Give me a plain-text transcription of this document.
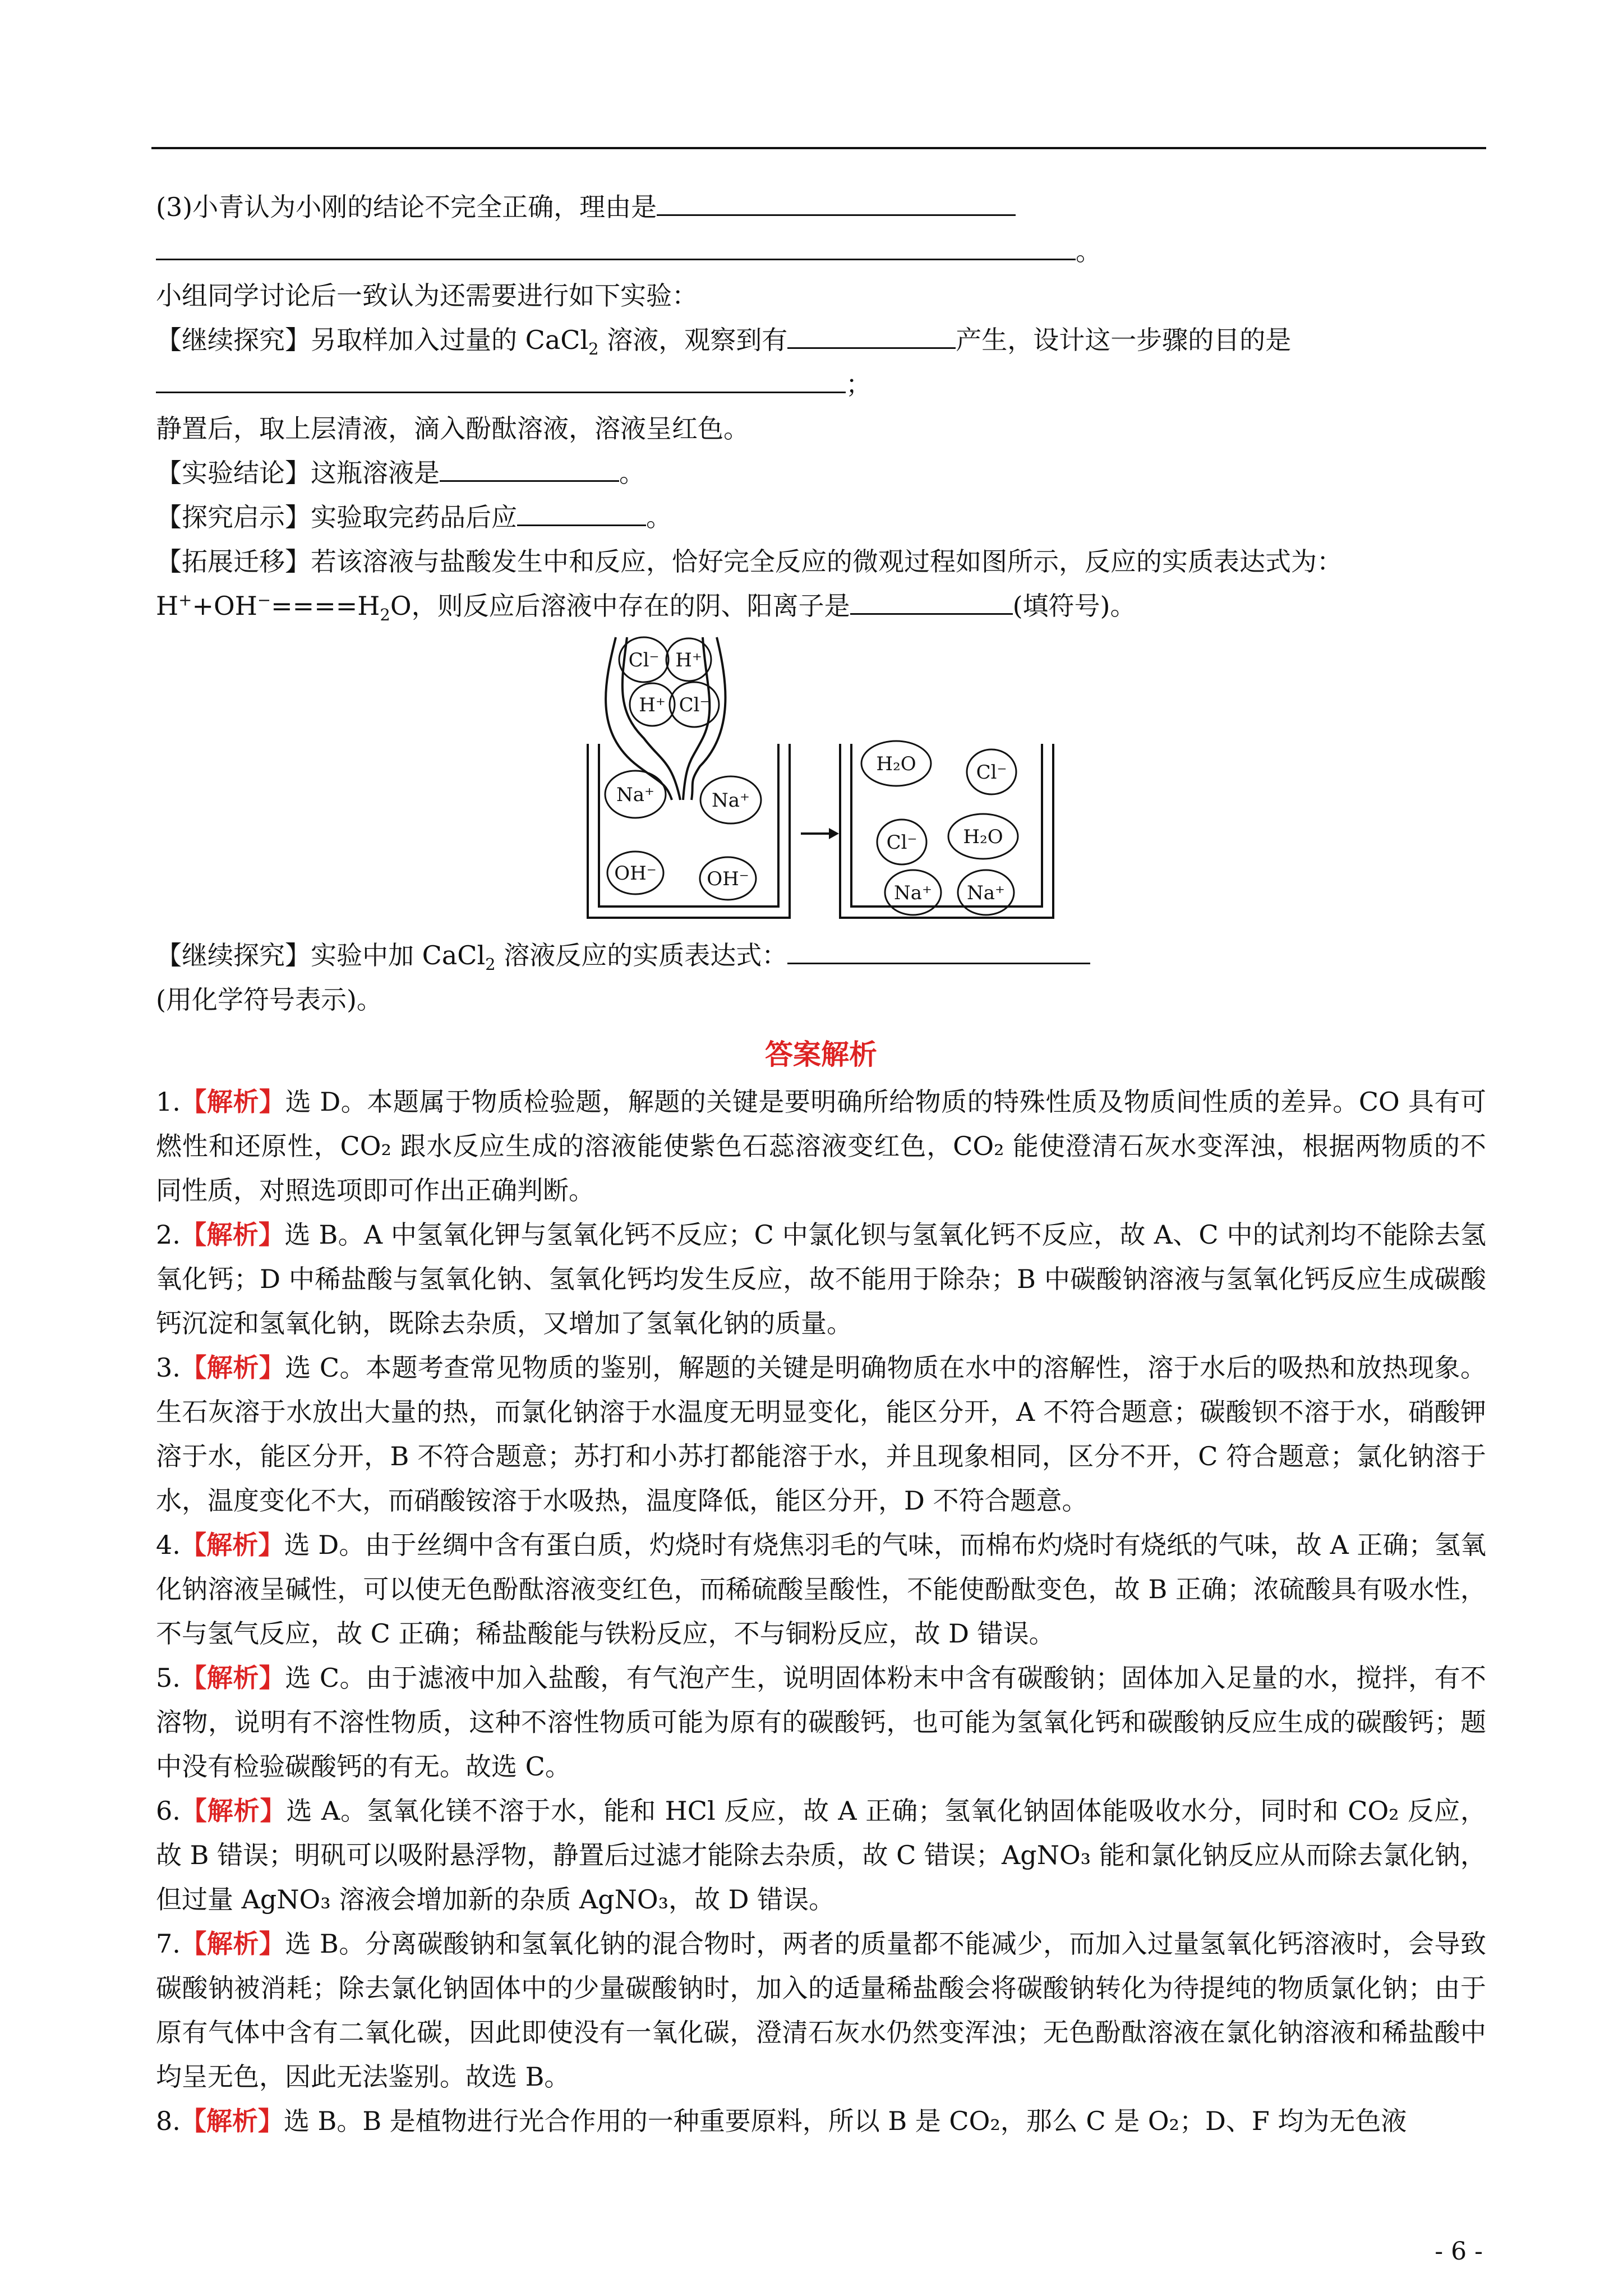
(3)小青认为小刚的结论不完全正确，理由是
。
小组同学讨论后一致认为还需要进行如下实验：
【继续探究】另取样加入过量的 CaCl$_2$ 溶液，观察到有	产生，设计这一步骤的目的是
；
静置后，取上层清液，滴入酚酞溶液，溶液呈红色。
【实验结论】这瓶溶液是	。
【探究启示】实验取完药品后应	。
【拓展迁移】若该溶液与盐酸发生中和反应，恰好完全反应的微观过程如图所示，反应的实质表达式为：
$H^++OH^-====H_2O$，则反应后溶液中存在的阴、阳离子是	(填符号)。
Cl⁻ H⁺
H⁺ Cl⁻
Na⁺	Na⁺
OH⁻	OH⁻
H₂O	Cl⁻
Cl⁻ H₂O
Na⁺ Na⁺
【继续探究】实验中加 CaCl$_2$ 溶液反应的实质表达式：
(用化学符号表示)。
答案解析
1.【解析】选 D。本题属于物质检验题，解题的关键是要明确所给物质的特殊性质及物质间性质的差异。CO 具有可燃性和还原性，CO₂ 跟水反应生成的溶液能使紫色石蕊溶液变红色，CO₂ 能使澄清石灰水变浑浊，根据两物质的不同性质，对照选项即可作出正确判断。
2.【解析】选 B。A 中氢氧化钾与氢氧化钙不反应；C 中氯化钡与氢氧化钙不反应，故 A、C 中的试剂均不能除去氢氧化钙；D 中稀盐酸与氢氧化钠、氢氧化钙均发生反应，故不能用于除杂；B 中碳酸钠溶液与氢氧化钙反应生成碳酸钙沉淀和氢氧化钠，既除去杂质，又增加了氢氧化钠的质量。
3.【解析】选 C。本题考查常见物质的鉴别，解题的关键是明确物质在水中的溶解性，溶于水后的吸热和放热现象。生石灰溶于水放出大量的热，而氯化钠溶于水温度无明显变化，能区分开，A 不符合题意；碳酸钡不溶于水，硝酸钾溶于水，能区分开，B 不符合题意；苏打和小苏打都能溶于水，并且现象相同，区分不开，C 符合题意；氯化钠溶于水，温度变化不大，而硝酸铵溶于水吸热，温度降低，能区分开，D 不符合题意。
4.【解析】选 D。由于丝绸中含有蛋白质，灼烧时有烧焦羽毛的气味，而棉布灼烧时有烧纸的气味，故 A 正确；氢氧化钠溶液呈碱性，可以使无色酚酞溶液变红色，而稀硫酸呈酸性，不能使酚酞变色，故 B 正确；浓硫酸具有吸水性，不与氢气反应，故 C 正确；稀盐酸能与铁粉反应，不与铜粉反应，故 D 错误。
5.【解析】选 C。由于滤液中加入盐酸，有气泡产生，说明固体粉末中含有碳酸钠；固体加入足量的水，搅拌，有不溶物，说明有不溶性物质，这种不溶性物质可能为原有的碳酸钙，也可能为氢氧化钙和碳酸钠反应生成的碳酸钙；题中没有检验碳酸钙的有无。故选 C。
6.【解析】选 A。氢氧化镁不溶于水，能和 HCl 反应，故 A 正确；氢氧化钠固体能吸收水分，同时和 CO₂ 反应，故 B 错误；明矾可以吸附悬浮物，静置后过滤才能除去杂质，故 C 错误；AgNO₃ 能和氯化钠反应从而除去氯化钠，但过量 AgNO₃ 溶液会增加新的杂质 AgNO₃，故 D 错误。
7.【解析】选 B。分离碳酸钠和氢氧化钠的混合物时，两者的质量都不能减少，而加入过量氢氧化钙溶液时，会导致碳酸钠被消耗；除去氯化钠固体中的少量碳酸钠时，加入的适量稀盐酸会将碳酸钠转化为待提纯的物质氯化钠；由于原有气体中含有二氧化碳，因此即使没有一氧化碳，澄清石灰水仍然变浑浊；无色酚酞溶液在氯化钠溶液和稀盐酸中均呈无色，因此无法鉴别。故选 B。
8.【解析】选 B。B 是植物进行光合作用的一种重要原料，所以 B 是 CO₂，那么 C 是 O₂；D、F 均为无色液
- 6 -
